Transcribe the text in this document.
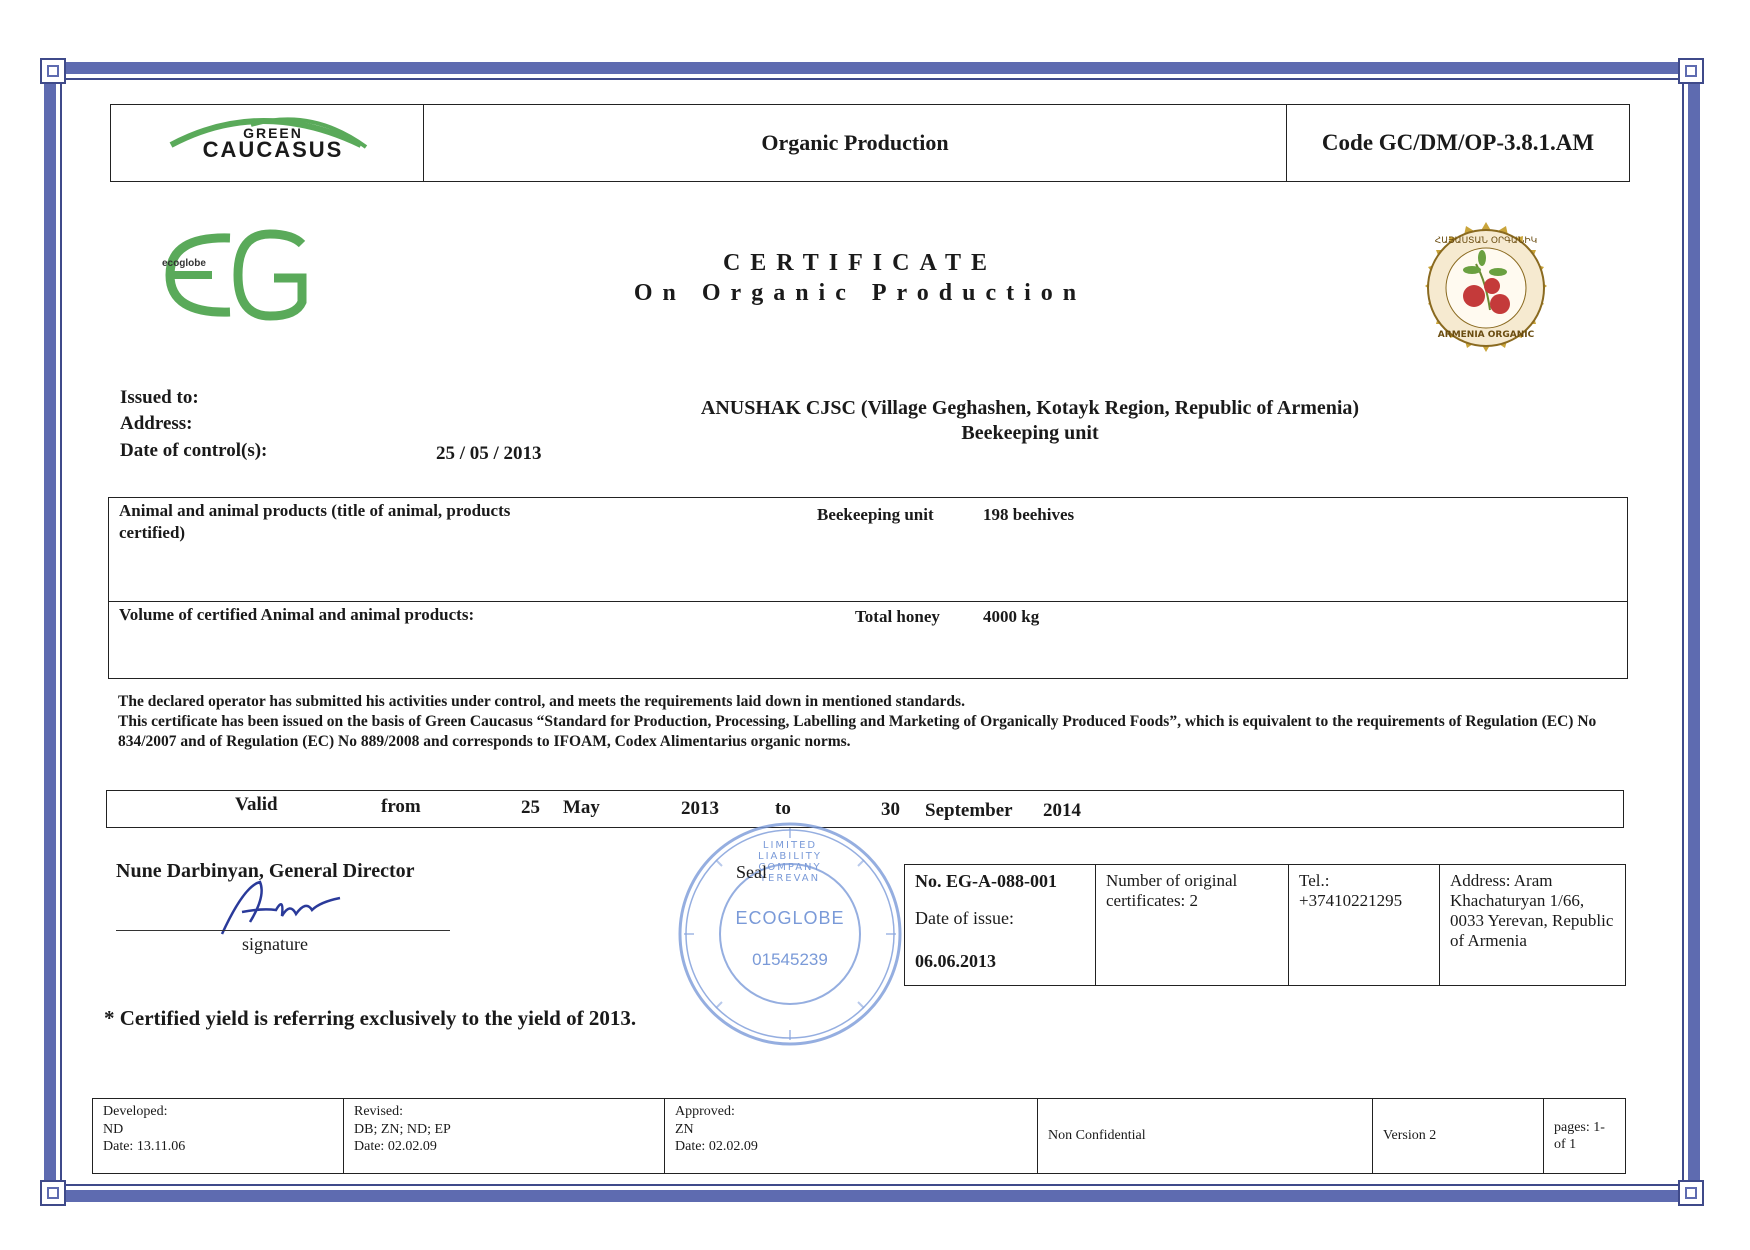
GREEN
CAUCASUS	Organic Production	Code GC/DM/OP-3.8.1.AM
ecoglobe
ՀԱՅԱՍՏԱՆ ՕՐԳԱՆԻԿ
ARMENIA ORGANIC
CERTIFICATE
On Organic Production
Issued to:
Address:
Date of control(s):	25 / 05 / 2013
ANUSHAK CJSC (Village Geghashen, Kotayk Region, Republic of Armenia)
Beekeeping unit
Animal and animal products (title of animal, products certified)
Beekeeping unit	198 beehives
Volume of certified Animal and animal products:	Total honey	4000 kg
The declared operator has submitted his activities under control, and meets the requirements laid down in mentioned standards.
This certificate has been issued on the basis of Green Caucasus “Standard for Production, Processing, Labelling and Marketing of Organically Produced Foods”, which is equivalent to the requirements of Regulation (EC) No 834/2007 and of Regulation (EC) No 889/2008 and corresponds to IFOAM, Codex Alimentarius organic norms.
Valid	from	25 May	2013	to	30 September 2014
Nune Darbinyan, General Director
signature
* Certified yield is referring exclusively to the yield of 2013.
No. EG-A-088-001
Date of issue:
06.06.2013

Number of original certificates: 2

Tel.:
+37410221295

Address: Aram Khachaturyan 1/66, 0033 Yerevan, Republic of Armenia
LIMITED LIABILITY COMPANY YEREVAN
ECOGLOBE
01545239
Seal
Developed:
ND
Date: 13.11.06

Revised:
DB; ZN; ND; EP
Date: 02.02.09

Approved:
ZN
Date: 02.02.09
	Non Confidential	Version 2	pages: 1-of 1
